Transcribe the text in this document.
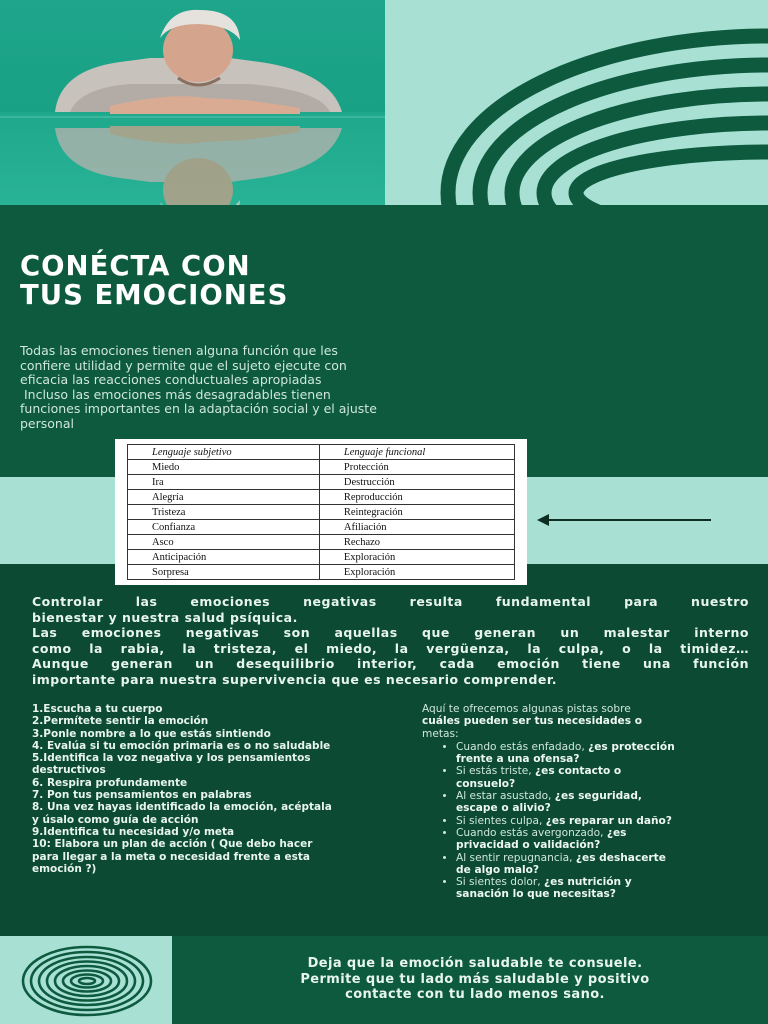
CONÉCTA CON
TUS EMOCIONES

Todas las emociones tienen alguna función que les
confiere utilidad y permite que el sujeto ejecute con
eficacia las reacciones conductuales apropiadas
Incluso las emociones más desagradables tienen
funciones importantes en la adaptación social y el ajuste
personal

Lenguaje subjetivo	Lenguaje funcional
Miedo	Protección
Ira	Destrucción
Alegría	Reproducción
Tristeza	Reintegración
Confianza	Afiliación
Asco	Rechazo
Anticipación	Exploración
Sorpresa	Exploración

Controlar las emociones negativas resulta fundamental para nuestro
bienestar y nuestra salud psíquica.
Las emociones negativas son aquellas que generan un malestar interno
como la rabia, la tristeza, el miedo, la vergüenza, la culpa, o la timidez…
Aunque generan un desequilibrio interior, cada emoción tiene una función
importante para nuestra supervivencia que es necesario comprender.

1.Escucha a tu cuerpo
2.Permítete sentir la emoción
3.Ponle nombre a lo que estás sintiendo
4. Evalúa si tu emoción primaria es o no saludable
5.Identifica la voz negativa y los pensamientos
destructivos
6. Respira profundamente
7. Pon tus pensamientos en palabras
8. Una vez hayas identificado la emoción, acéptala
y úsalo como guía de acción
9.Identifica tu necesidad y/o meta
10: Elabora un plan de acción ( Que debo hacer
para llegar a la meta o necesidad frente a esta
emoción ?)

Aquí te ofrecemos algunas pistas sobre
cuáles pueden ser tus necesidades o
metas:

• Cuando estás enfadado, ¿es protección
frente a una ofensa?
• Si estás triste, ¿es contacto o
consuelo?
• Al estar asustado, ¿es seguridad,
escape o alivio?
• Si sientes culpa, ¿es reparar un daño?
• Cuando estás avergonzado, ¿es
privacidad o validación?
• Al sentir repugnancia, ¿es deshacerte
de algo malo?
• Si sientes dolor, ¿es nutrición y
sanación lo que necesitas?

Deja que la emoción saludable te consuele.
Permite que tu lado más saludable y positivo
contacte con tu lado menos sano.
